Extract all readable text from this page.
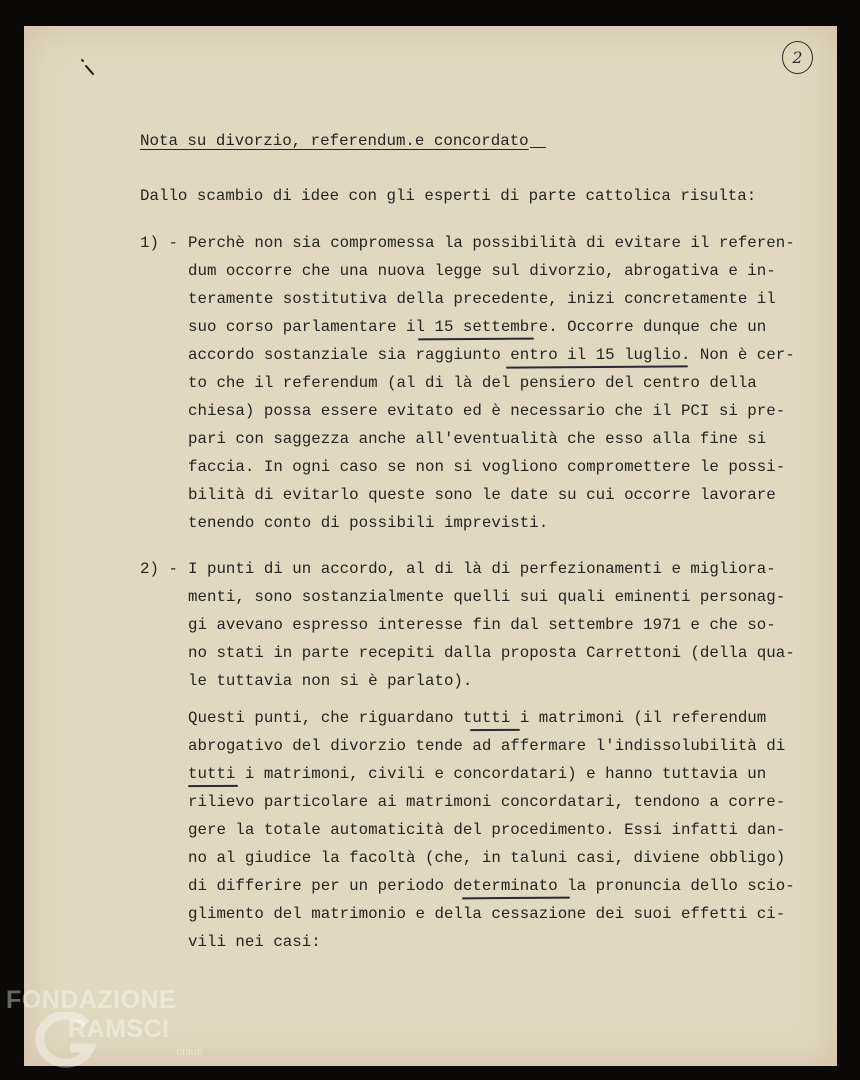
2
Nota su divorzio, referendum.e concordato
Dallo scambio di idee con gli esperti di parte cattolica risulta:
1) - Perchè non sia compromessa la possibilità di evitare il referen-
dum occorre che una nuova legge sul divorzio, abrogativa e in-
teramente sostitutiva della precedente, inizi concretamente il
suo corso parlamentare il 15 settembre. Occorre dunque che un
accordo sostanziale sia raggiunto entro il 15 luglio. Non è cer-
to che il referendum (al di là del pensiero del centro della
chiesa) possa essere evitato ed è necessario che il PCI si pre-
pari con saggezza anche all'eventualità che esso alla fine si
faccia. In ogni caso se non si vogliono compromettere le possi-
bilità di evitarlo queste sono le date su cui occorre lavorare
tenendo conto di possibili imprevisti.
2) - I punti di un accordo, al di là di perfezionamenti e migliora-
menti, sono sostanzialmente quelli sui quali eminenti personag-
gi avevano espresso interesse fin dal settembre 1971 e che so-
no stati in parte recepiti dalla proposta Carrettoni (della qua-
le tuttavia non si è parlato).
Questi punti, che riguardano tutti i matrimoni (il referendum
abrogativo del divorzio tende ad affermare l'indissolubilità di
tutti i matrimoni, civili e concordatari) e hanno tuttavia un
rilievo particolare ai matrimoni concordatari, tendono a corre-
gere la totale automaticità del procedimento. Essi infatti dan-
no al giudice la facoltà (che, in taluni casi, diviene obbligo)
di differire per un periodo determinato la pronuncia dello scio-
glimento del matrimonio e della cessazione dei suoi effetti ci-
vili nei casi:
FONDAZIONE
RAMSCI
onlus
